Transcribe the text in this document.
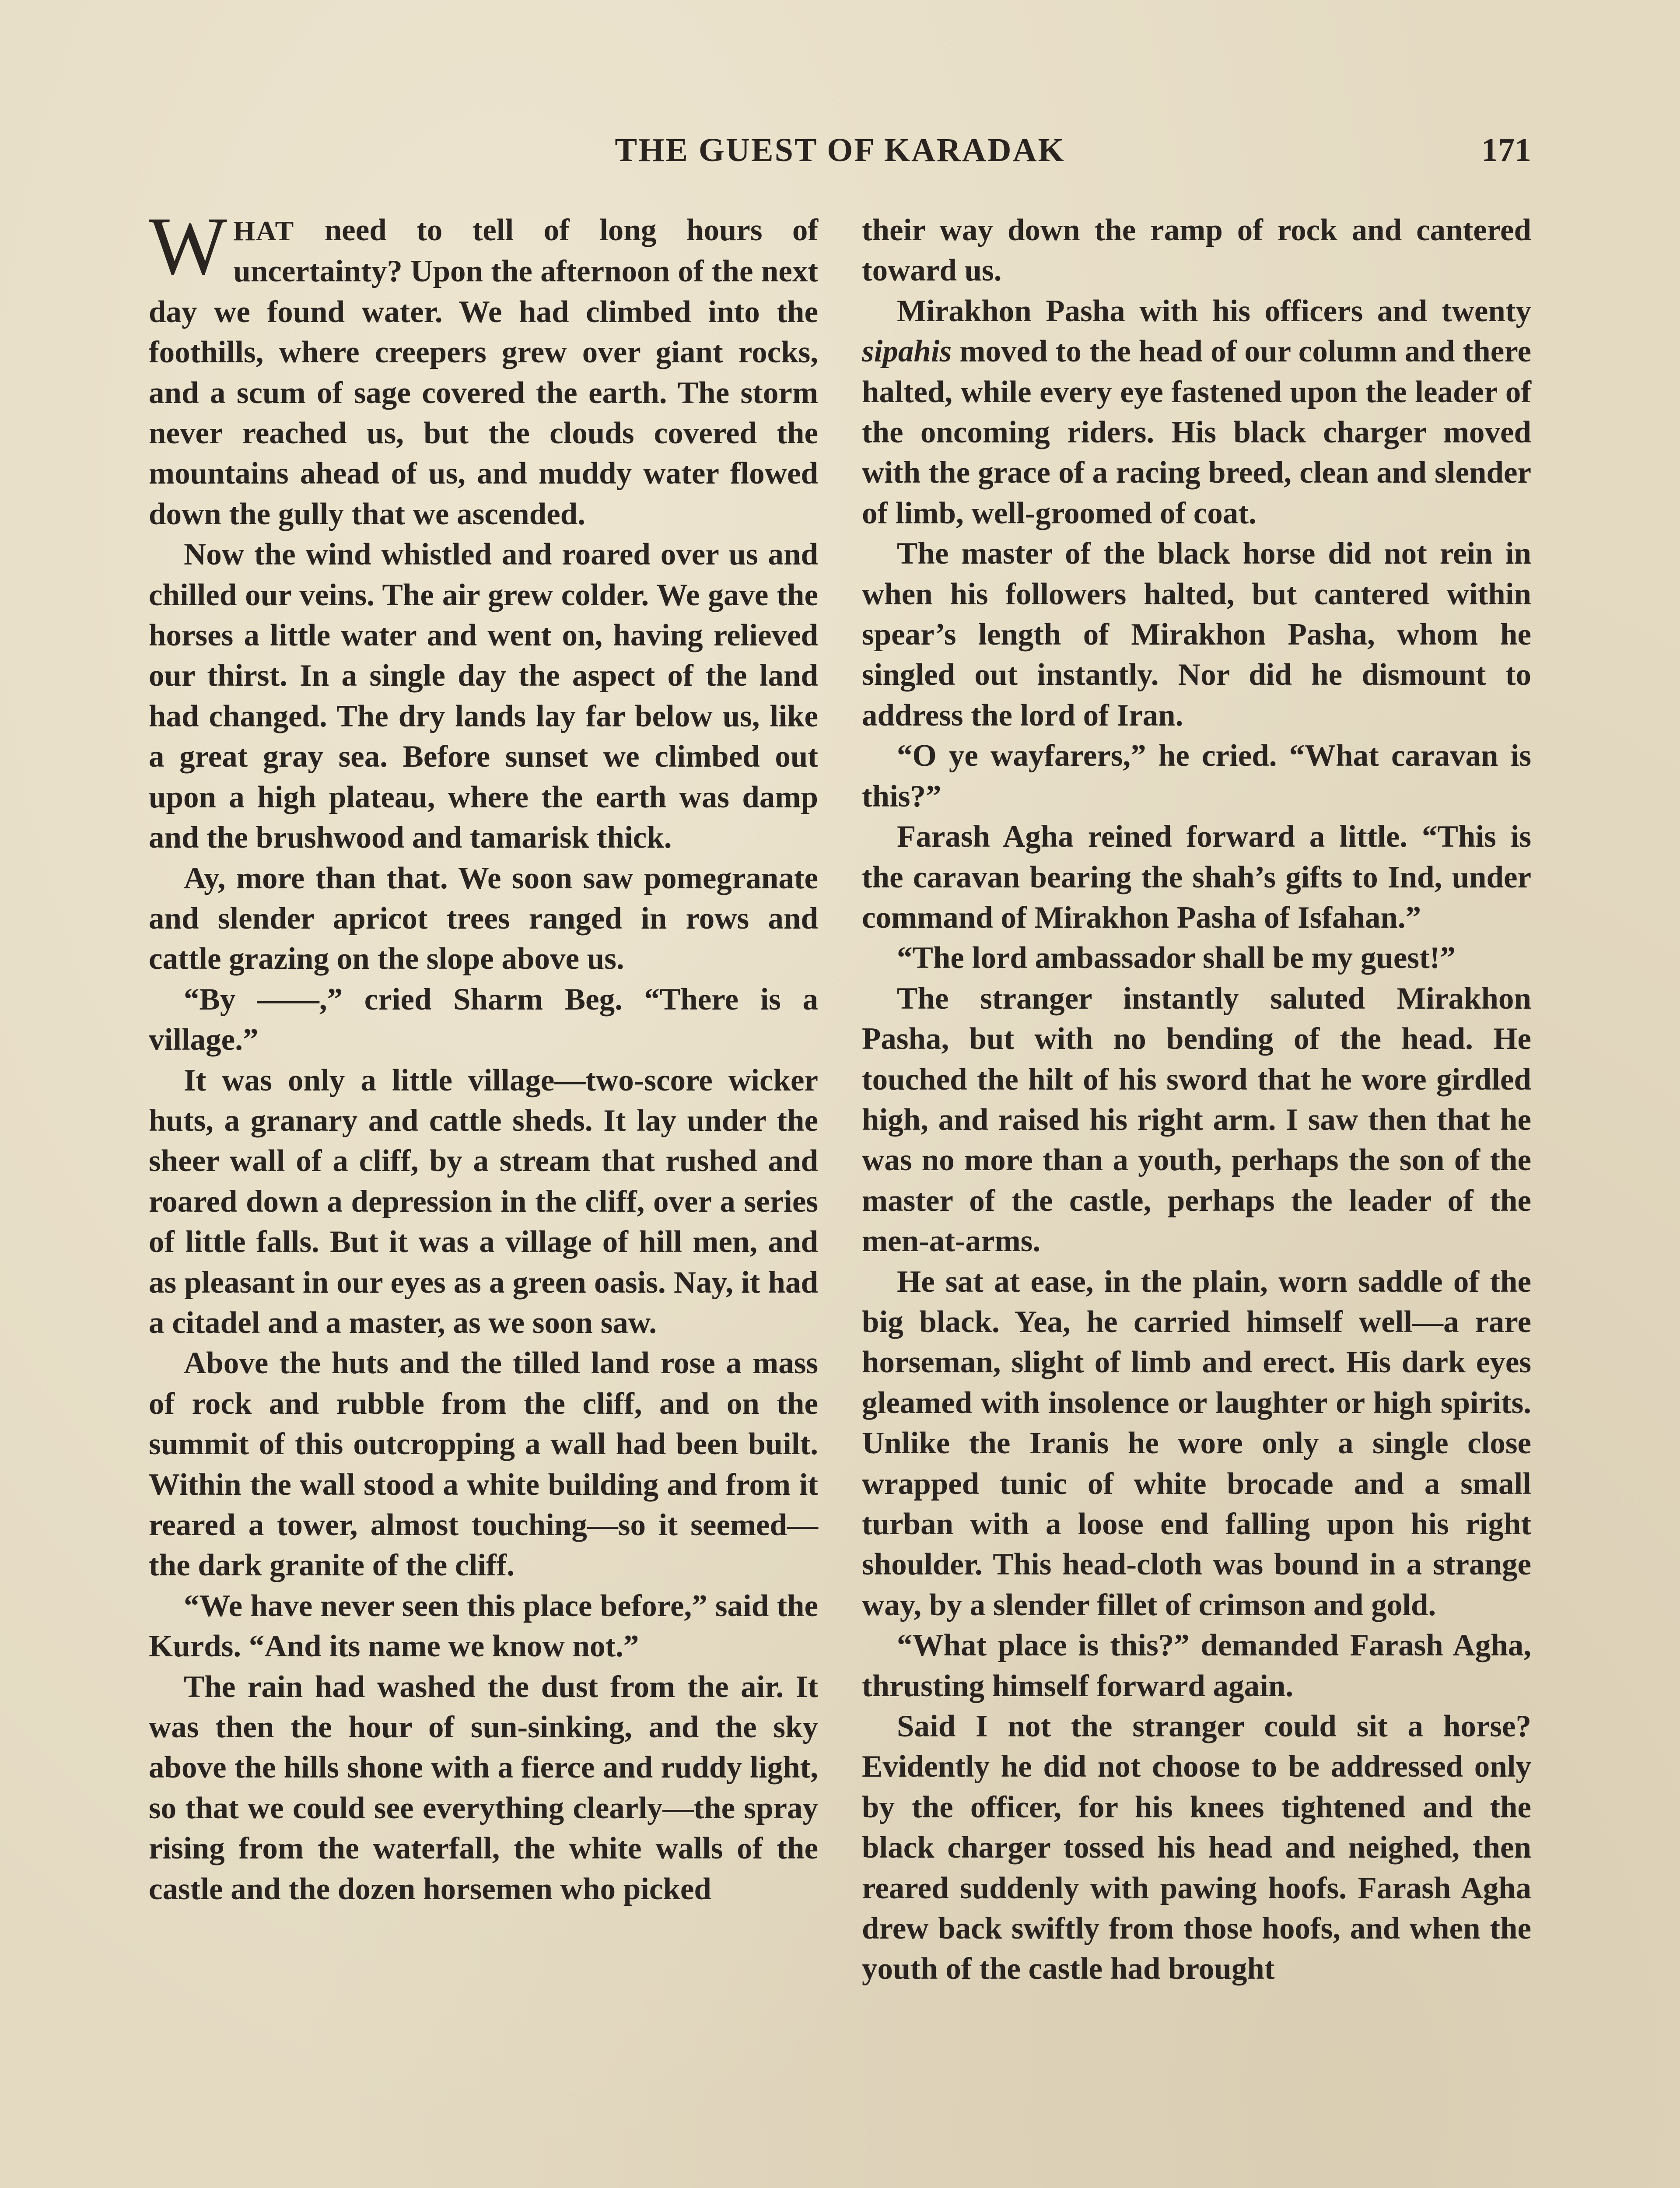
THE GUEST OF KARADAK	171

WHAT need to tell of long hours of uncertainty? Upon the afternoon of the next day we found water. We had climbed into the foothills, where creepers grew over giant rocks, and a scum of sage covered the earth. The storm never reached us, but the clouds covered the mountains ahead of us, and muddy water flowed down the gully that we ascended.

Now the wind whistled and roared over us and chilled our veins. The air grew colder. We gave the horses a little water and went on, having relieved our thirst. In a single day the aspect of the land had changed. The dry lands lay far below us, like a great gray sea. Before sunset we climbed out upon a high plateau, where the earth was damp and the brushwood and tamarisk thick.

Ay, more than that. We soon saw pomegranate and slender apricot trees ranged in rows and cattle grazing on the slope above us.

“By ——,” cried Sharm Beg. “There is a village.”

It was only a little village—two-score wicker huts, a granary and cattle sheds. It lay under the sheer wall of a cliff, by a stream that rushed and roared down a depression in the cliff, over a series of little falls. But it was a village of hill men, and as pleasant in our eyes as a green oasis. Nay, it had a citadel and a master, as we soon saw.

Above the huts and the tilled land rose a mass of rock and rubble from the cliff, and on the summit of this outcropping a wall had been built. Within the wall stood a white building and from it reared a tower, almost touching—so it seemed—the dark granite of the cliff.

“We have never seen this place before,” said the Kurds. “And its name we know not.”

The rain had washed the dust from the air. It was then the hour of sun-sinking, and the sky above the hills shone with a fierce and ruddy light, so that we could see everything clearly—the spray rising from the waterfall, the white walls of the castle and the dozen horsemen who picked

their way down the ramp of rock and cantered toward us.

Mirakhon Pasha with his officers and twenty sipahis moved to the head of our column and there halted, while every eye fastened upon the leader of the oncoming riders. His black charger moved with the grace of a racing breed, clean and slender of limb, well-groomed of coat.

The master of the black horse did not rein in when his followers halted, but cantered within spear’s length of Mirakhon Pasha, whom he singled out instantly. Nor did he dismount to address the lord of Iran.

“O ye wayfarers,” he cried. “What caravan is this?”

Farash Agha reined forward a little. “This is the caravan bearing the shah’s gifts to Ind, under command of Mirakhon Pasha of Isfahan.”

“The lord ambassador shall be my guest!”

The stranger instantly saluted Mirakhon Pasha, but with no bending of the head. He touched the hilt of his sword that he wore girdled high, and raised his right arm. I saw then that he was no more than a youth, perhaps the son of the master of the castle, perhaps the leader of the men-at-arms.

He sat at ease, in the plain, worn saddle of the big black. Yea, he carried himself well—a rare horseman, slight of limb and erect. His dark eyes gleamed with insolence or laughter or high spirits. Unlike the Iranis he wore only a single close wrapped tunic of white brocade and a small turban with a loose end falling upon his right shoulder. This head-cloth was bound in a strange way, by a slender fillet of crimson and gold.

“What place is this?” demanded Farash Agha, thrusting himself forward again.

Said I not the stranger could sit a horse? Evidently he did not choose to be addressed only by the officer, for his knees tightened and the black charger tossed his head and neighed, then reared suddenly with pawing hoofs. Farash Agha drew back swiftly from those hoofs, and when the youth of the castle had brought
